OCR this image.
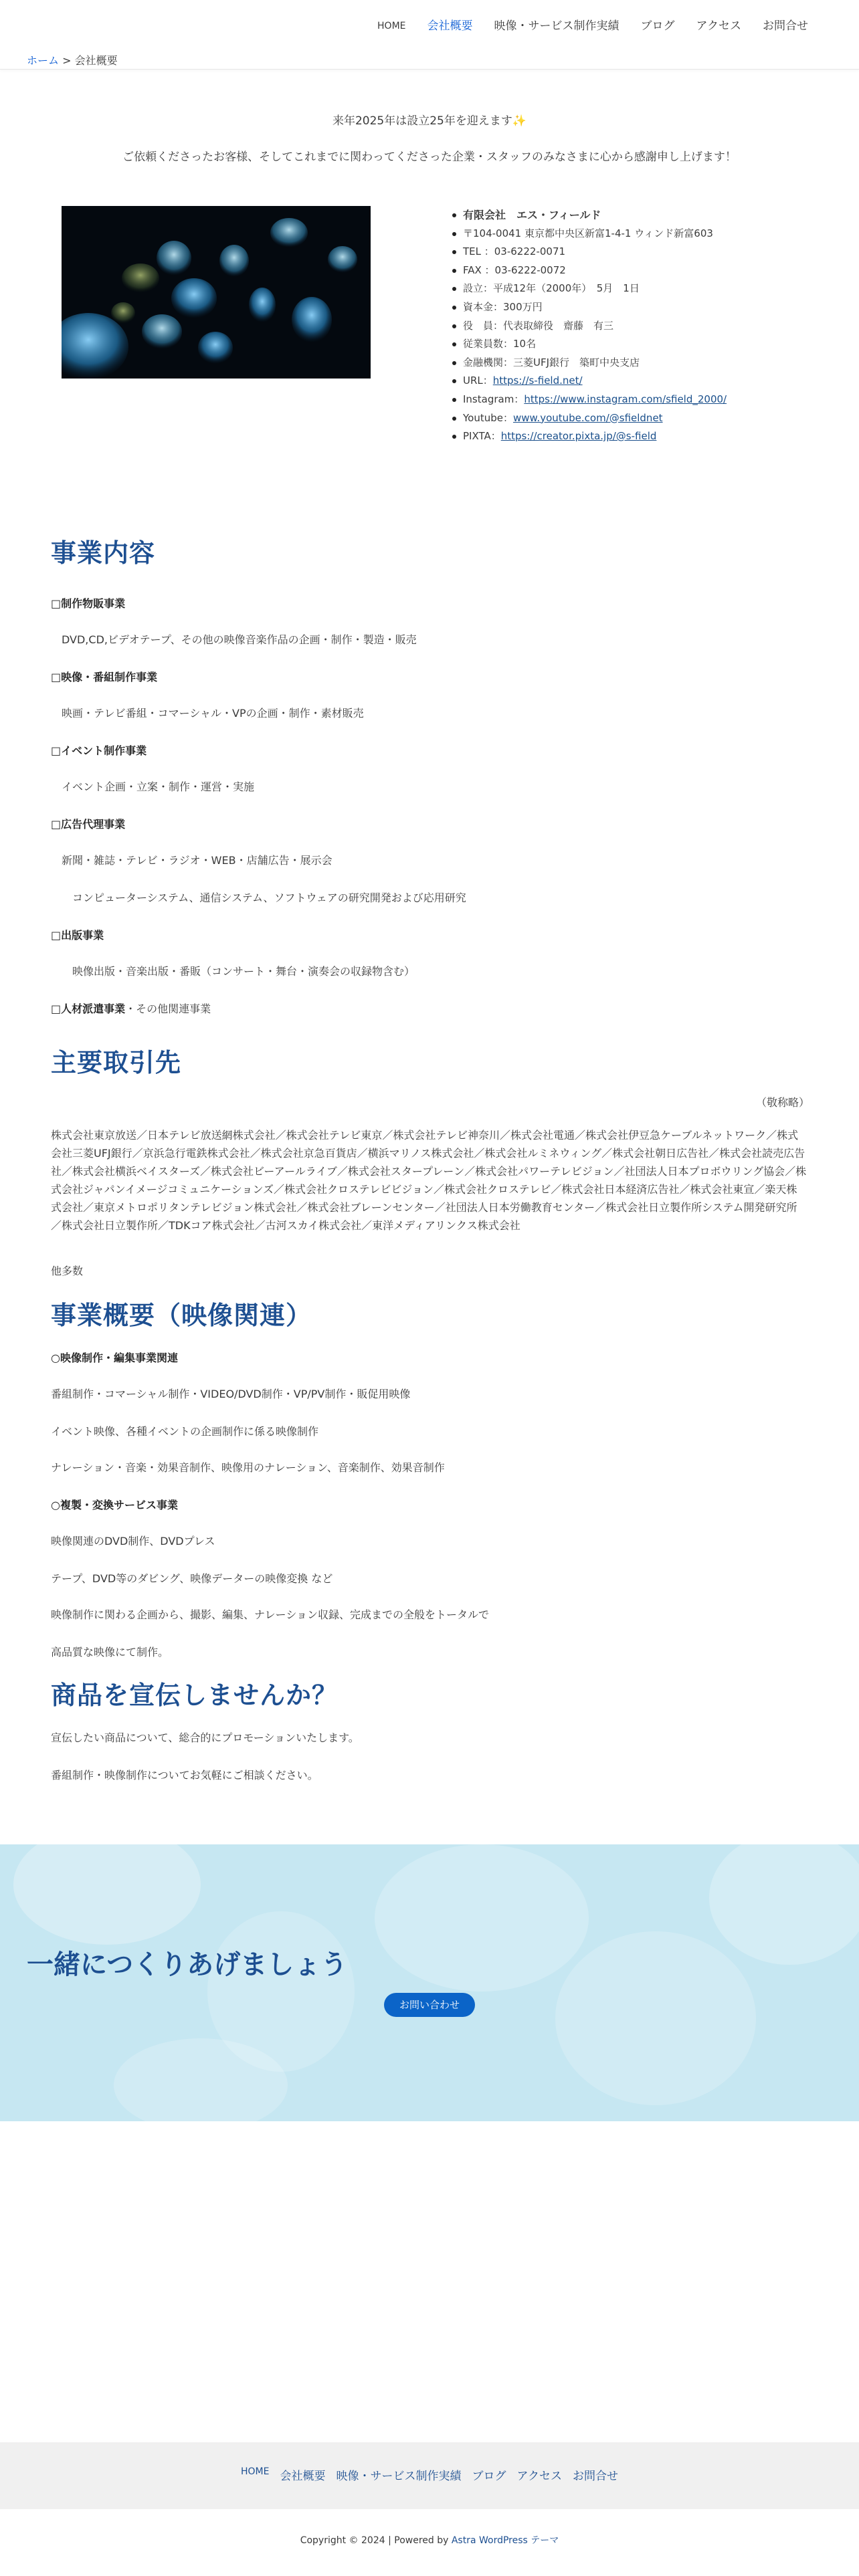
HOME	会社概要	映像・サービス制作実績	ブログ	アクセス	お問合せ
ホーム > 会社概要
来年2025年は設立25年を迎えます✨
ご依頼くださったお客様、そしてこれまでに関わってくださった企業・スタッフのみなさまに心から感謝申し上げます！
有限会社　エス・フィールド
〒104-0041 東京都中央区新富1-4-1 ウィンド新富603
TEL ：03-6222-0071
FAX ：03-6222-0072
設立：平成12年（2000年）　5月　1日
資本金：300万円
役　員：代表取締役　齋藤　有三
従業員数：10名
金融機関：三菱UFJ銀行　築町中央支店
URL：https://s-field.net/
Instagram：https://www.instagram.com/sfield_2000/
Youtube：www.youtube.com/@sfieldnet
PIXTA：https://creator.pixta.jp/@s-field
事業内容
□制作物販事業
DVD,CD,ビデオテープ、その他の映像音楽作品の企画・制作・製造・販売
□映像・番組制作事業
映画・テレビ番組・コマーシャル・VPの企画・制作・素材販売
□イベント制作事業
イベント企画・立案・制作・運営・実施
□広告代理事業
新聞・雑誌・テレビ・ラジオ・WEB・店舗広告・展示会
コンピューターシステム、通信システム、ソフトウェアの研究開発および応用研究
□出版事業
映像出版・音楽出版・番販（コンサート・舞台・演奏会の収録物含む）
□人材派遣事業・その他関連事業
主要取引先
（敬称略）
株式会社東京放送／日本テレビ放送網株式会社／株式会社テレビ東京／株式会社テレビ神奈川／株式会社電通／株式会社伊豆急ケーブルネットワーク／株式会社三菱UFJ銀行／京浜急行電鉄株式会社／株式会社京急百貨店／横浜マリノス株式会社／株式会社ルミネウィング／株式会社朝日広告社／株式会社読売広告社／株式会社横浜ベイスターズ／株式会社ビーアールライブ／株式会社スタープレーン／株式会社パワーテレビジョン／社団法人日本プロボウリング協会／株式会社ジャパンイメージコミュニケーションズ／株式会社クロステレビビジョン／株式会社クロステレビ／株式会社日本経済広告社／株式会社東宣／楽天株式会社／東京メトロポリタンテレビジョン株式会社／株式会社ブレーンセンター／社団法人日本労働教育センター／株式会社日立製作所システム開発研究所／株式会社日立製作所／TDKコア株式会社／古河スカイ株式会社／東洋メディアリンクス株式会社
他多数
事業概要（映像関連）
○映像制作・編集事業関連
番組制作・コマーシャル制作・VIDEO/DVD制作・VP/PV制作・販促用映像
イベント映像、各種イベントの企画制作に係る映像制作
ナレーション・音楽・効果音制作、映像用のナレーション、音楽制作、効果音制作
○複製・変換サービス事業
映像関連のDVD制作、DVDプレス
テープ、DVD等のダビング、映像データーの映像変換 など
映像制作に関わる企画から、撮影、編集、ナレーション収録、完成までの全般をトータルで
高品質な映像にて制作。
商品を宣伝しませんか？
宣伝したい商品について、総合的にプロモーションいたします。
番組制作・映像制作についてお気軽にご相談ください。
一緒につくりあげましょう
お問い合わせ
HOME 会社概要 映像・サービス制作実績 ブログ アクセス お問合せ
Copyright © 2024 | Powered by Astra WordPress テーマ
